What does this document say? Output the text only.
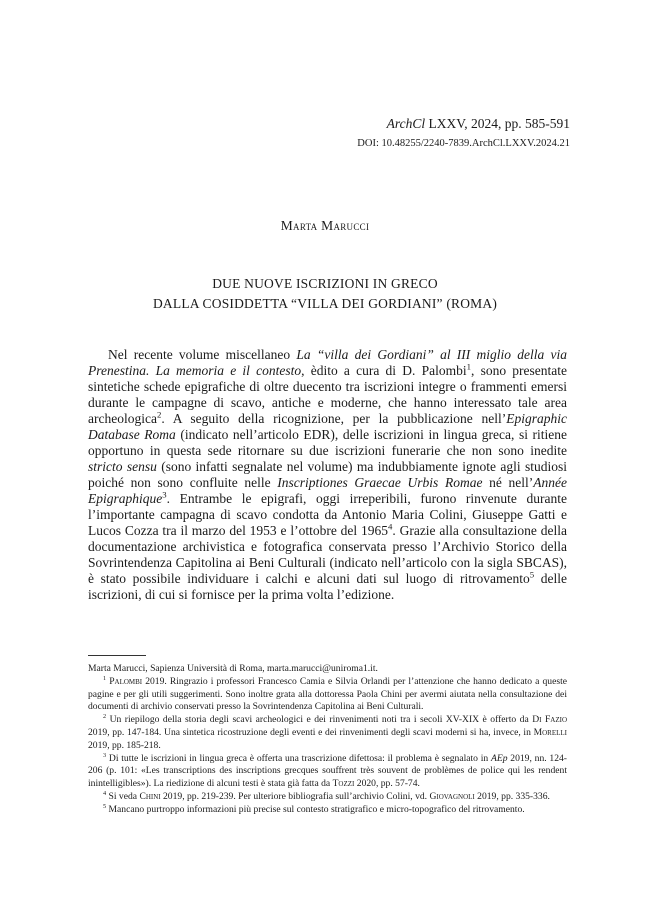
ArchCl LXXV, 2024, pp. 585-591
DOI: 10.48255/2240-7839.ArchCl.LXXV.2024.21
Marta Marucci
DUE NUOVE ISCRIZIONI IN GRECO
DALLA COSIDDETTA “VILLA DEI GORDIANI” (ROMA)

Nel recente volume miscellaneo La “villa dei Gordiani” al III miglio della via Prenestina. La memoria e il contesto, èdito a cura di D. Palombi$^1$, sono presentate sintetiche schede epigrafiche di oltre duecento tra iscrizioni integre o frammenti emersi durante le campagne di scavo, antiche e moderne, che hanno interessato tale area archeologica$^2$. A seguito della ricognizione, per la pubblicazione nell’Epigraphic Database Roma (indicato nell’articolo EDR), delle iscrizioni in lingua greca, si ritiene opportuno in questa sede ritornare su due iscrizioni funerarie che non sono inedite stricto sensu (sono infatti segnalate nel volume) ma indubbiamente ignote agli studiosi poiché non sono confluite nelle Inscriptiones Graecae Urbis Romae né nell’Année Epigraphique$^3$. Entrambe le epigrafi, oggi irreperibili, furono rinvenute durante l’importante campagna di scavo condotta da Antonio Maria Colini, Giuseppe Gatti e Lucos Cozza tra il marzo del 1953 e l’ottobre del 1965$^4$. Grazie alla consultazione della documentazione archivistica e fotografica conservata presso l’Archivio Storico della Sovrintendenza Capitolina ai Beni Culturali (indicato nell’articolo con la sigla SBCAS), è stato possibile individuare i calchi e alcuni dati sul luogo di ritrovamento$^5$ delle iscrizioni, di cui si fornisce per la prima volta l’edizione.

Marta Marucci, Sapienza Università di Roma, marta.marucci@uniroma1.it.

$^1$ Palombi 2019. Ringrazio i professori Francesco Camia e Silvia Orlandi per l’attenzione che hanno dedicato a queste pagine e per gli utili suggerimenti. Sono inoltre grata alla dottoressa Paola Chini per avermi aiutata nella consultazione dei documenti di archivio conservati presso la Sovrintendenza Capitolina ai Beni Culturali.

$^2$ Un riepilogo della storia degli scavi archeologici e dei rinvenimenti noti tra i secoli XV-XIX è offerto da Di Fazio 2019, pp. 147-184. Una sintetica ricostruzione degli eventi e dei rinvenimenti degli scavi moderni si ha, invece, in Morelli 2019, pp. 185-218.

$^3$ Di tutte le iscrizioni in lingua greca è offerta una trascrizione difettosa: il problema è segnalato in AEp 2019, nn. 124-206 (p. 101: «Les transcriptions des inscriptions grecques souffrent très souvent de problèmes de police qui les rendent inintelligibles»). La riedizione di alcuni testi è stata già fatta da Tozzi 2020, pp. 57-74.

$^4$ Si veda Chini 2019, pp. 219-239. Per ulteriore bibliografia sull’archivio Colini, vd. Giovagnoli 2019, pp. 335-336.

$^5$ Mancano purtroppo informazioni più precise sul contesto stratigrafico e micro-topografico del ritrovamento.
